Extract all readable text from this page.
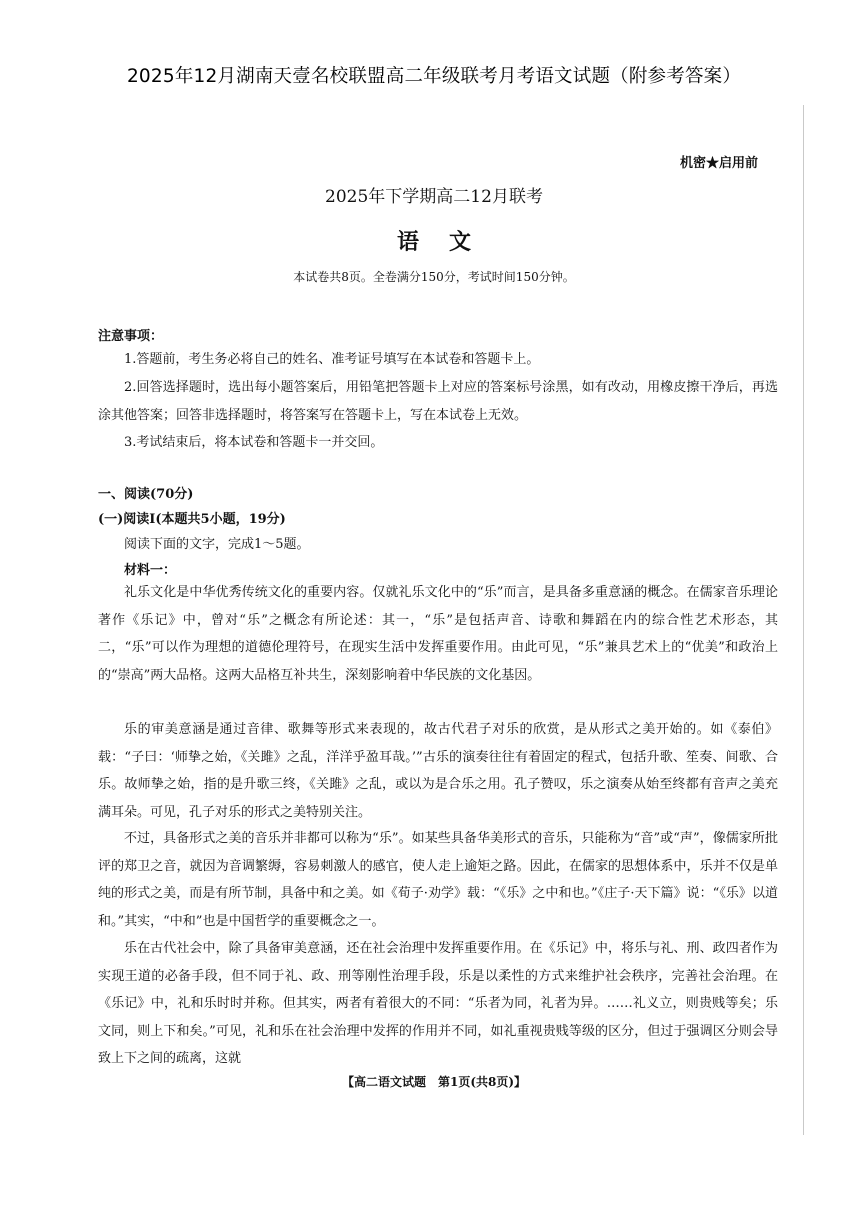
2025年12月湖南天壹名校联盟高二年级联考月考语文试题（附参考答案）
机密★启用前
2025年下学期高二12月联考
语文
本试卷共8页。全卷满分150分，考试时间150分钟。
注意事项：
1.答题前，考生务必将自己的姓名、准考证号填写在本试卷和答题卡上。
2.回答选择题时，选出每小题答案后，用铅笔把答题卡上对应的答案标号涂黑，如有改动，用橡皮擦干净后，再选涂其他答案；回答非选择题时，将答案写在答题卡上，写在本试卷上无效。
3.考试结束后，将本试卷和答题卡一并交回。
一、阅读(70分)
(一)阅读Ⅰ(本题共5小题，19分)
阅读下面的文字，完成1～5题。
材料一：
礼乐文化是中华优秀传统文化的重要内容。仅就礼乐文化中的“乐”而言，是具备多重意涵的概念。在儒家音乐理论著作《乐记》中，曾对“乐”之概念有所论述：其一，“乐”是包括声音、诗歌和舞蹈在内的综合性艺术形态，其二，“乐”可以作为理想的道德伦理符号，在现实生活中发挥重要作用。由此可见，“乐”兼具艺术上的“优美”和政治上的“崇高”两大品格。这两大品格互补共生，深刻影响着中华民族的文化基因。
乐的审美意涵是通过音律、歌舞等形式来表现的，故古代君子对乐的欣赏，是从形式之美开始的。如《泰伯》载：“子曰：‘师挚之始，《关雎》之乱，洋洋乎盈耳哉。’”古乐的演奏往往有着固定的程式，包括升歌、笙奏、间歌、合乐。故师挚之始，指的是升歌三终，《关雎》之乱，或以为是合乐之用。孔子赞叹，乐之演奏从始至终都有音声之美充满耳朵。可见，孔子对乐的形式之美特别关注。
不过，具备形式之美的音乐并非都可以称为“乐”。如某些具备华美形式的音乐，只能称为“音”或“声”，像儒家所批评的郑卫之音，就因为音调繁缛，容易刺激人的感官，使人走上逾矩之路。因此，在儒家的思想体系中，乐并不仅是单纯的形式之美，而是有所节制，具备中和之美。如《荀子·劝学》载：“《乐》之中和也。”《庄子·天下篇》说：“《乐》以道和。”其实，“中和”也是中国哲学的重要概念之一。
乐在古代社会中，除了具备审美意涵，还在社会治理中发挥重要作用。在《乐记》中，将乐与礼、刑、政四者作为实现王道的必备手段，但不同于礼、政、刑等刚性治理手段，乐是以柔性的方式来维护社会秩序，完善社会治理。在《乐记》中，礼和乐时时并称。但其实，两者有着很大的不同：“乐者为同，礼者为异。……礼义立，则贵贱等矣；乐文同，则上下和矣。”可见，礼和乐在社会治理中发挥的作用并不同，如礼重视贵贱等级的区分，但过于强调区分则会导致上下之间的疏离，这就
【高二语文试题　第1页(共8页)】
